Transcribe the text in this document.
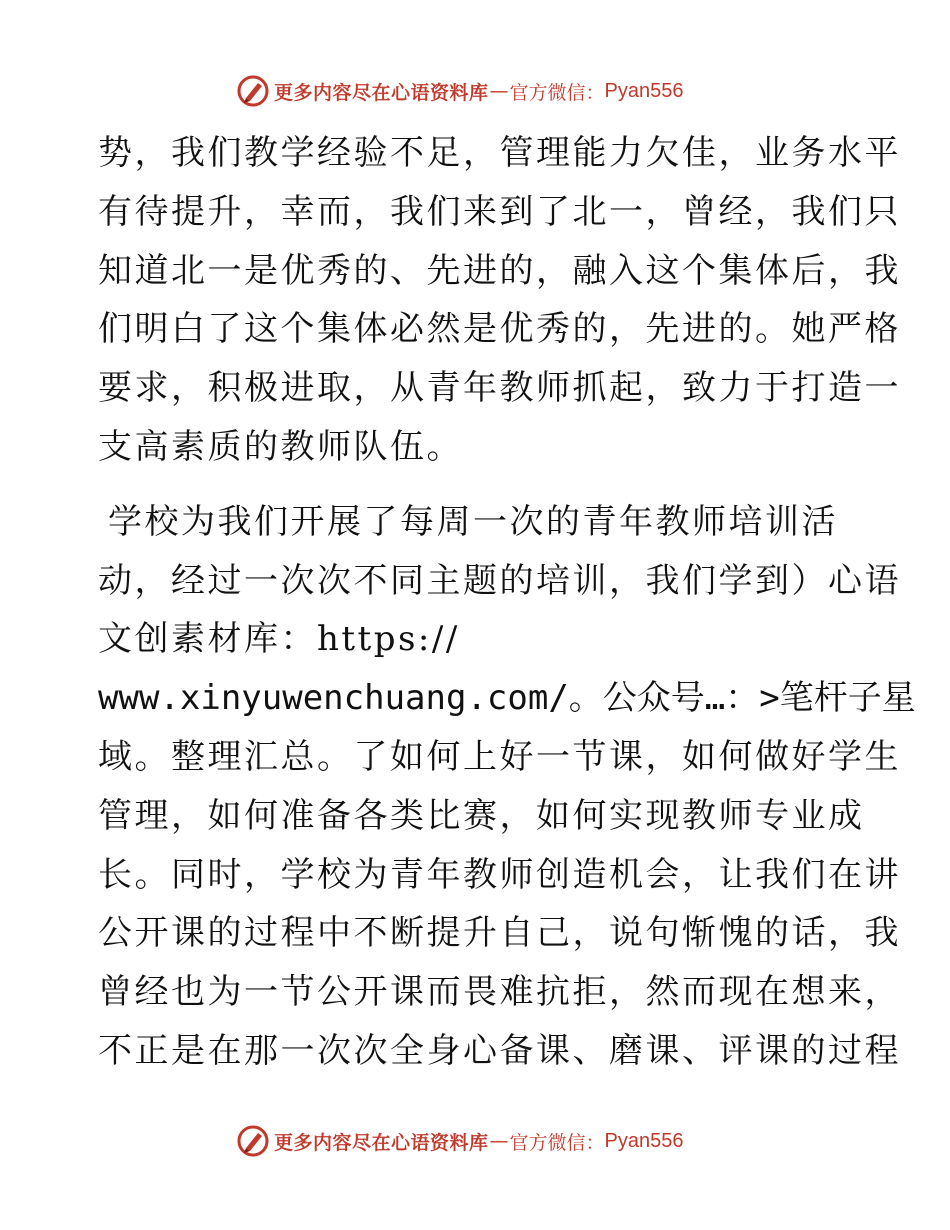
更多内容尽在心语资料库 — 官方微信： Pyan556
势，我们教学经验不足，管理能力欠佳，业务水平
有待提升，幸而，我们来到了北一，曾经，我们只
知道北一是优秀的、先进的，融入这个集体后，我
们明白了这个集体必然是优秀的，先进的。她严格
要求，积极进取，从青年教师抓起，致力于打造一
支高素质的教师队伍。
学校为我们开展了每周一次的青年教师培训活
动，经过一次次不同主题的培训，我们学到）心语
文创素材库：https://
www.xinyuwenchuang.com/。公众号…：>笔杆子星
域。整理汇总。了如何上好一节课，如何做好学生
管理，如何准备各类比赛，如何实现教师专业成
长。同时，学校为青年教师创造机会，让我们在讲
公开课的过程中不断提升自己，说句惭愧的话，我
曾经也为一节公开课而畏难抗拒，然而现在想来，
不正是在那一次次全身心备课、磨课、评课的过程
更多内容尽在心语资料库 — 官方微信： Pyan556
